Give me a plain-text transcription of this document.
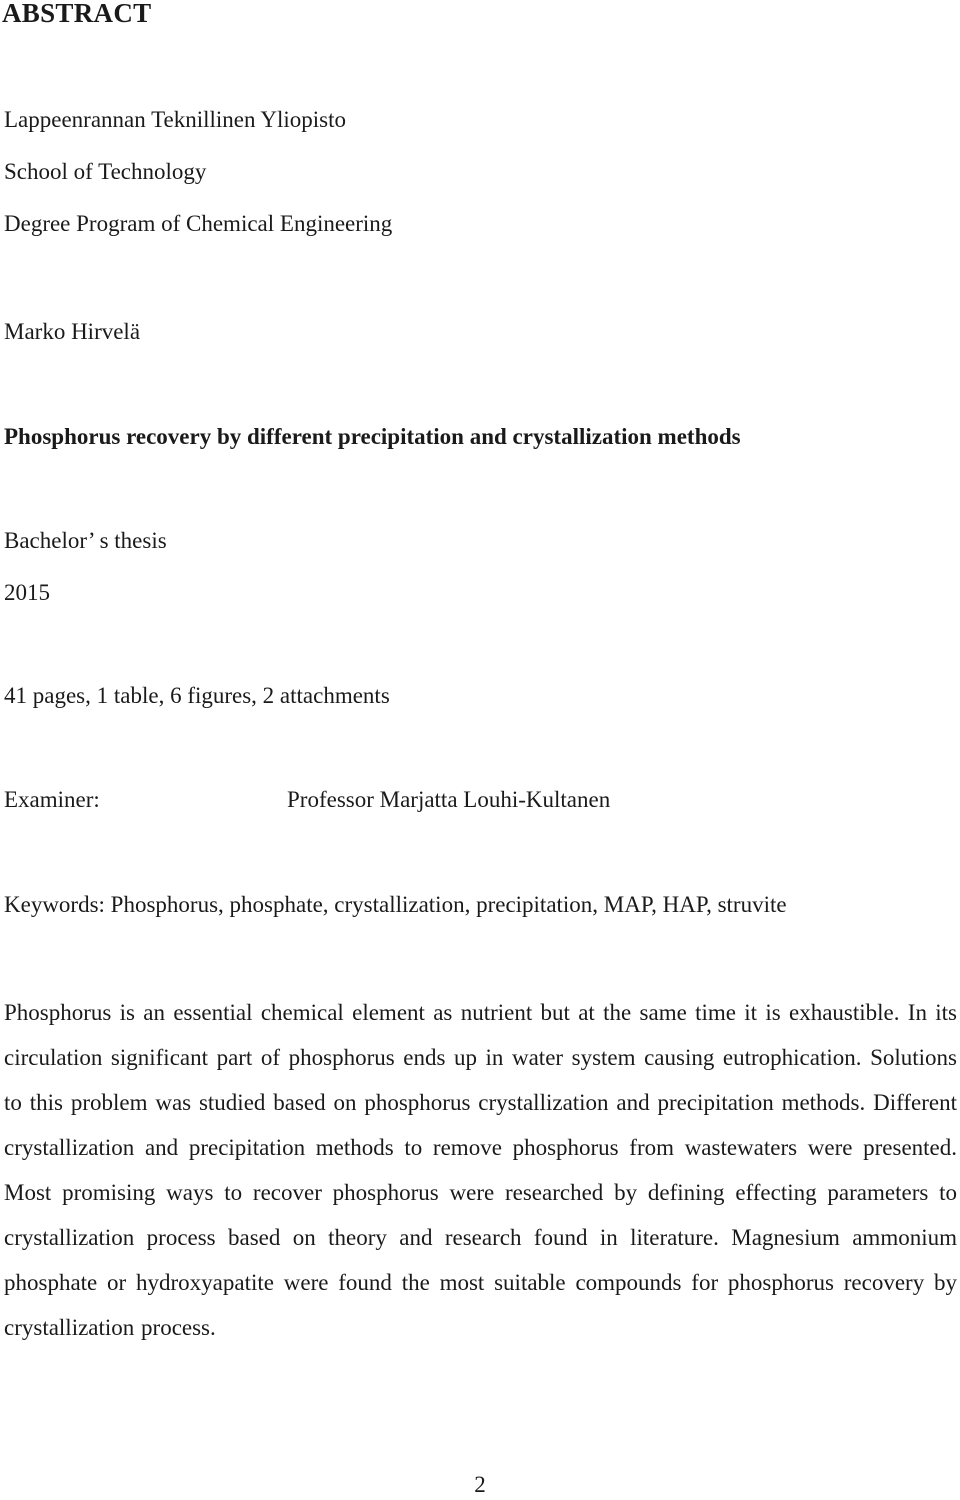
ABSTRACT
Lappeenrannan Teknillinen Yliopisto
School of Technology
Degree Program of Chemical Engineering
Marko Hirvelä
Phosphorus recovery by different precipitation and crystallization methods
Bachelor’ s thesis
2015
41 pages, 1 table, 6 figures, 2 attachments
Examiner:	Professor Marjatta Louhi-Kultanen
Keywords: Phosphorus, phosphate, crystallization, precipitation, MAP, HAP, struvite
Phosphorus is an essential chemical element as nutrient but at the same time it is exhaustible. In its circulation significant part of phosphorus ends up in water system causing eutrophication. Solutions to this problem was studied based on phosphorus crystallization and precipitation methods. Different crystallization and precipitation methods to remove phosphorus from wastewaters were presented. Most promising ways to recover phosphorus were researched by defining effecting parameters to crystallization process based on theory and research found in literature. Magnesium ammonium phosphate or hydroxyapatite were found the most suitable compounds for phosphorus recovery by crystallization process.
2
